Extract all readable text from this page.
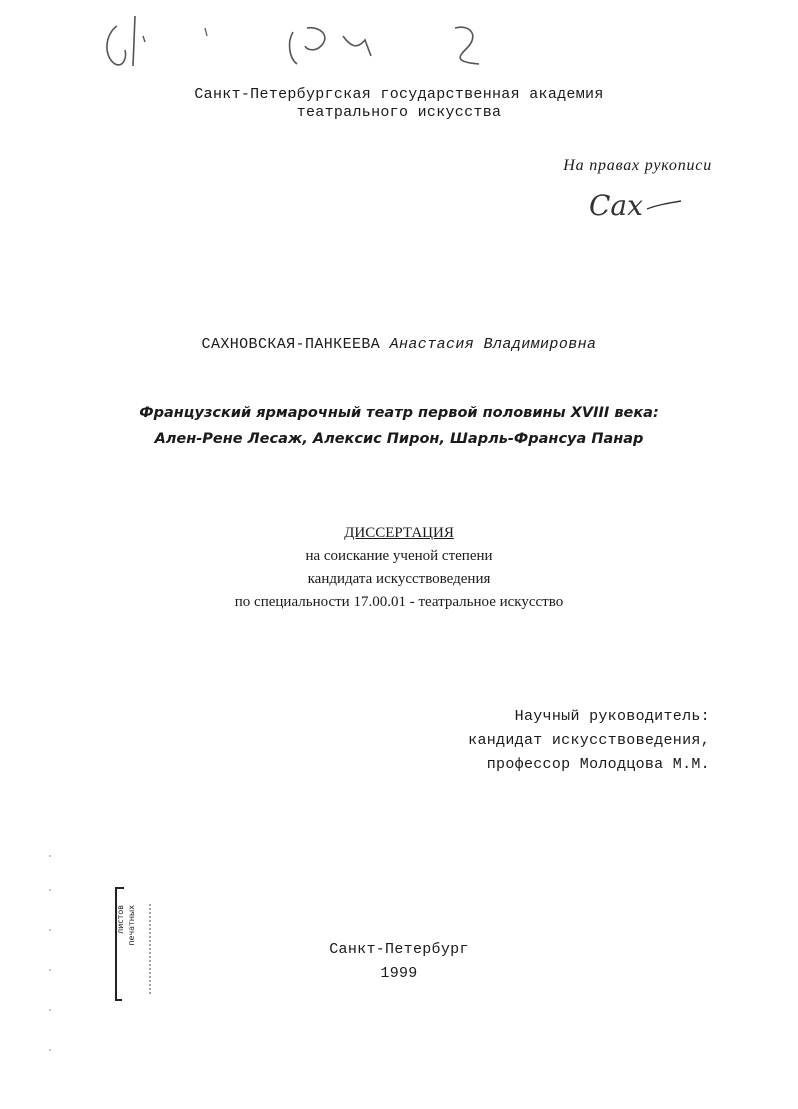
Санкт-Петербургская государственная академия
театрального искусства
На правах рукописи
Сах
САХНОВСКАЯ-ПАНКЕЕВА Анастасия Владимировна
Французский ярмарочный театр первой половины XVIII века:
Ален-Рене Лесаж, Алексис Пирон, Шарль-Франсуа Панар
ДИССЕРТАЦИЯ
на соискание ученой степени
кандидата искусствоведения
по специальности 17.00.01 - театральное искусство
Научный руководитель:
кандидат искусствоведения,
профессор Молодцова М.М.
листов печатных
Санкт-Петербург
1999
